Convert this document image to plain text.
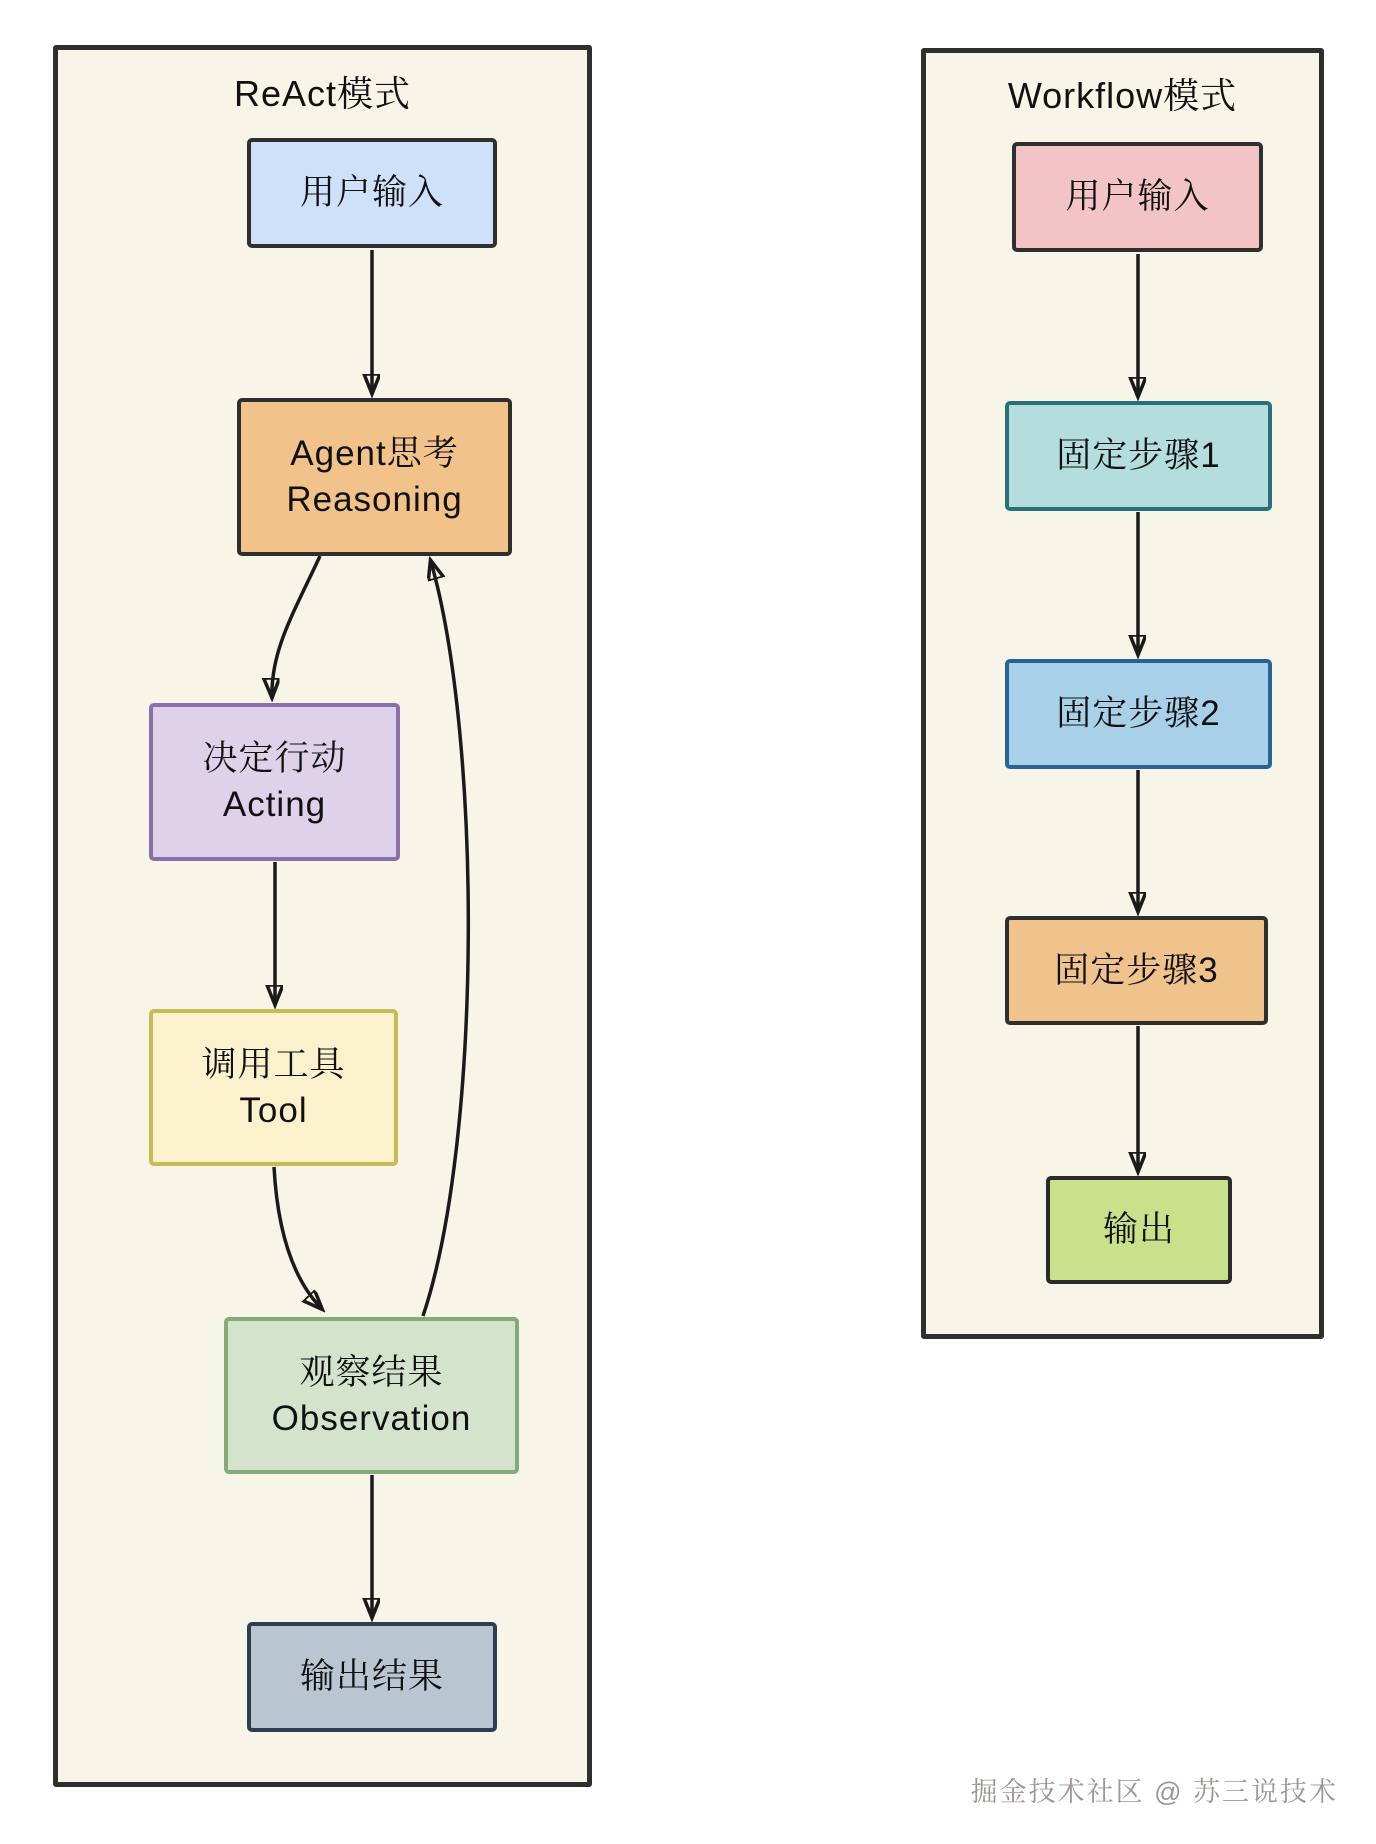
ReAct模式	Workflow模式
用户输入
Agent思考
Reasoning
决定行动
Acting
调用工具
Tool
观察结果
Observation
输出结果
用户输入
固定步骤1
固定步骤2
固定步骤3
输出
掘金技术社区 @ 苏三说技术
